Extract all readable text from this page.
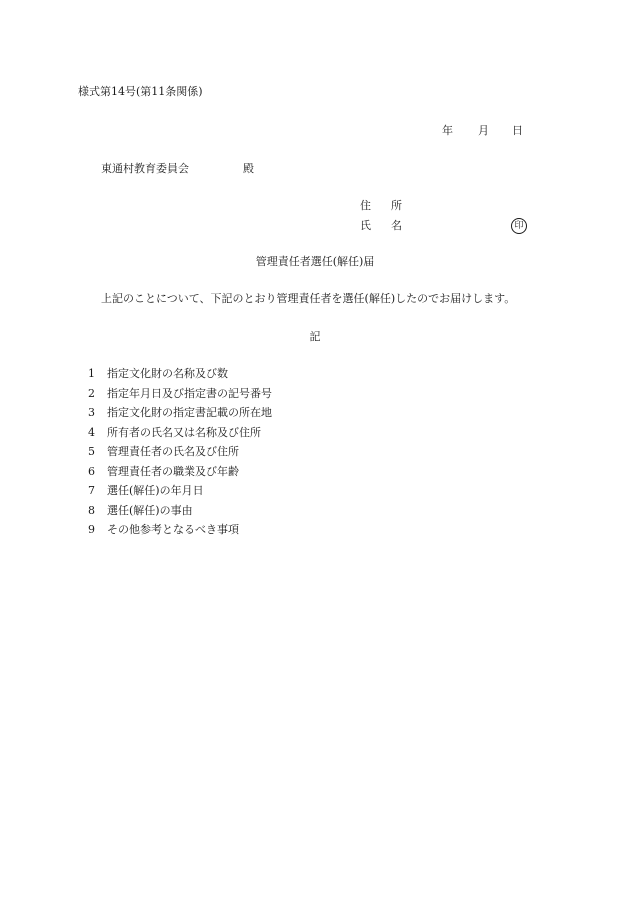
様式第14号(第11条関係)
年	月	日
東通村教育委員会	殿
住 所
氏 名	印
管理責任者選任(解任)届
上記のことについて、下記のとおり管理責任者を選任(解任)したのでお届けします。
記
1	指定文化財の名称及び数
2	指定年月日及び指定書の記号番号
3	指定文化財の指定書記載の所在地
4	所有者の氏名又は名称及び住所
5	管理責任者の氏名及び住所
6	管理責任者の職業及び年齢
7	選任(解任)の年月日
8	選任(解任)の事由
9	その他参考となるべき事項
